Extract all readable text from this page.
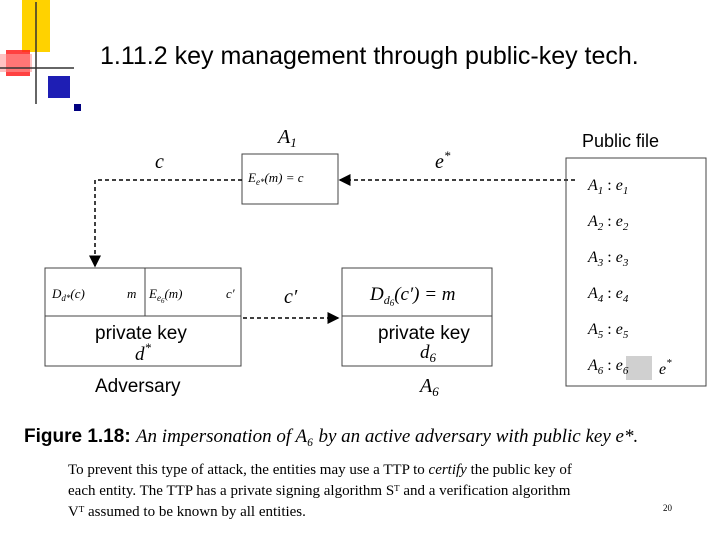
1.11.2 key management through public-key tech.
$A_1$
$E_{e*}(m) = c$
c	e*
Public file
$A_1$ : $e_1$
$A_2$ : $e_2$
$A_3$ : $e_3$
$A_4$ : $e_4$
$A_5$ : $e_5$
$A_6$ : $e_6$ e*
$D_{d*}(c)$	m $E_e6(m)$	c′
private key
d*
Adversary
c′	$D_d6(c') = m$
private key
$d_6$
$A_6$
Figure 1.18: An impersonation of A₆ by an active adversary with public key e*.
To prevent this type of attack, the entities may use a TTP to certify the public key of
each entity. The TTP has a private signing algorithm Sᵀ and a verification algorithm
Vᵀ assumed to be known by all entities.	20
